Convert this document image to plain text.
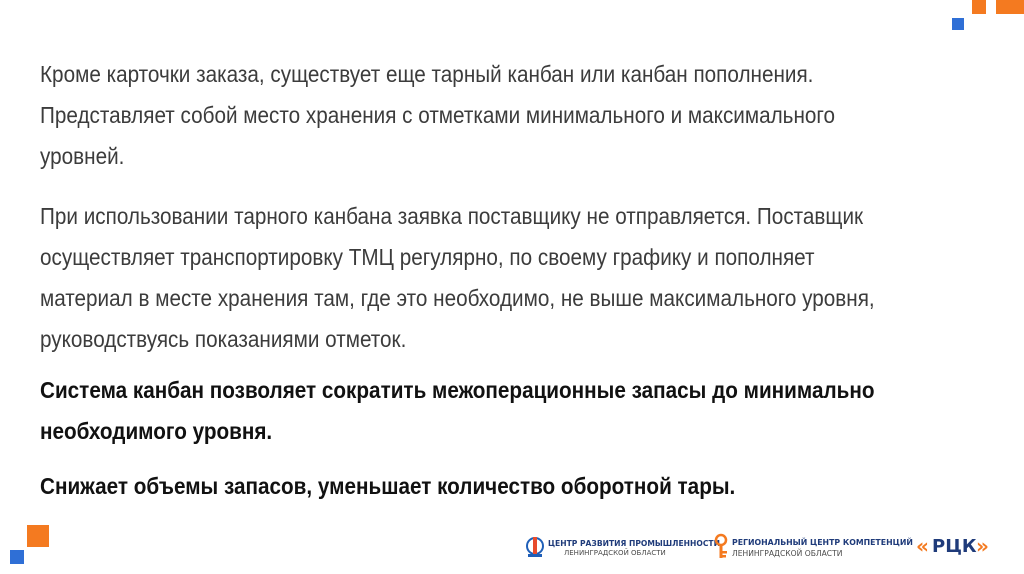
Кроме карточки заказа, существует еще тарный канбан или канбан пополнения. Представляет собой место хранения с отметками минимального и максимального уровней.

При использовании тарного канбана заявка поставщику не отправляется. Поставщик осуществляет транспортировку ТМЦ регулярно, по своему графику и пополняет материал в месте хранения там, где это необходимо, не выше максимального уровня, руководствуясь показаниями отметок.

Система канбан позволяет сократить межоперационные запасы до минимально необходимого уровня.

Снижает объемы запасов, уменьшает количество оборотной тары.

ЦЕНТР РАЗВИТИЯ ПРОМЫШЛЕННОСТИ
ЛЕНИНГРАДСКОЙ ОБЛАСТИ
РЕГИОНАЛЬНЫЙ ЦЕНТР КОМПЕТЕНЦИЙ
ЛЕНИНГРАДСКОЙ ОБЛАСТИ	« РЦК »
